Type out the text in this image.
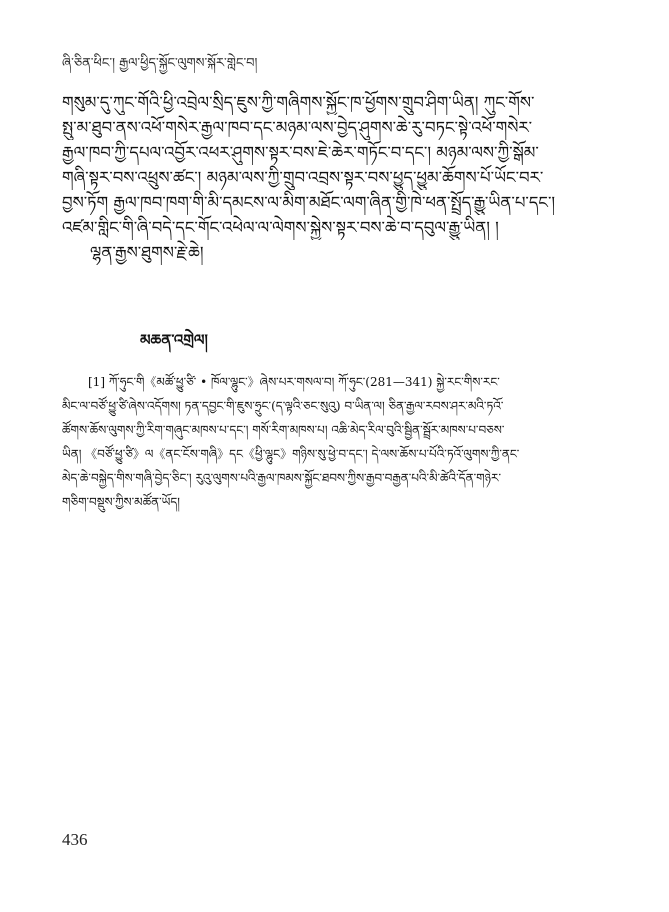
ཞི་ཅིན་ཕིང་། རྒྱལ་ཕྱིད་སྐྱོང་ལུགས་སྐོར་གླེང་བ།
གསུམ་དུ་ཀུང་གོའི་ཕྱི་འབྲེལ་སྲིད་ཇུས་ཀྱི་གཞིགས་སྐྱོང་ཁ་ཕྱོགས་གྲུབ་ཤིག་ཡིན། ཀུང་གོས་
སྤུ་མ་ཐུབ་ནས་འཕོ་གསེར་རྒྱལ་ཁབ་དང་མཉམ་ལས་བྱེད་ཤུགས་ཆེ་རུ་བཏང་སྟེ་འཕོ་གསེར་
རྒྱལ་ཁབ་ཀྱི་དཔལ་འབྱོར་འཕར་ཤུགས་སྟར་བས་ཇེ་ཆེར་གཏོང་བ་དང་། མཉམ་ལས་ཀྱི་སྒོམ་
གཞི་སྟར་བས་འཕྲུས་ཚང་། མཉམ་ལས་ཀྱི་གྲུབ་འབྲས་སྟར་བས་ཕྱུད་ཕྱུམ་ཆོགས་པོ་ཡོང་བར་
བྱས་ཏོག རྒྱལ་ཁབ་ཁག་གི་མི་དམངས་ལ་མིག་མཐོང་ལག་ཞིན་གྱི་ཁེ་ཕན་སྤྲོད་རྒྱུ་ཡིན་པ་དང་།
འཛམ་གླིང་གི་ཞི་བདེ་དང་གོང་འཕེལ་ལ་ལེགས་སྐྱེས་སྟར་བས་ཆེ་བ་དབུལ་རྒྱུ་ཡིན། །
ལྷན་རྒྱས་ཐུགས་རྗེ་ཆེ།
མཆན་འགྲེལ།
[1] ཀོ་ཧུང་གི《མཚོ་ཕྱུ་ཙི་ • ཁོལ་ལྷུང་》ཞེས་པར་གསལ་བ། ཀོ་ཧུང་(281—341) སྐྱེ་རང་གིས་རང་
མིང་ལ་བཙོ་ཕྱུ་ཙི་ཞེས་འདོགས། ཏན་དབྱང་གི་ཇུས་ཧྲུང་(ད་ལྟའི་ཅང་སུའུ) བ་ཡིན་ལ། ཅིན་རྒྱལ་རབས་ཤར་མའི་ཏའོ་
ཚོགས་ཆོས་ལུགས་ཀྱི་རིག་གཞུང་མཁས་པ་དང་། གསོ་རིག་མཁས་པ། འཆི་མེད་རིལ་བུའི་སྦྱིན་སྦྲོར་མཁས་པ་བཅས་
ཡིན། 《བཙོ་ཕྱུ་ཙི》ལ《ནང་ངོས་གཞི》དང《ཕྱི་ལྷུང》གཉིས་སུ་ཕྱེ་བ་དང་། དེ་ལས་ཆོས་པ་པོའི་ཏའོ་ལུགས་ཀྱི་ནང་
མེད་ཆེ་བསྐྱེད་གིས་གཞི་བྱེད་ཅིང་། རུའུ་ལུགས་པའི་རྒྱལ་ཁམས་སྐྱོང་ཐབས་ཀྱིས་རྒྱབ་བརྒྱན་པའི་མི་ཚེའི་དོན་གཉེར་
གཅིག་བསྡུས་ཀྱིས་མཚོན་ཡོད།
436
